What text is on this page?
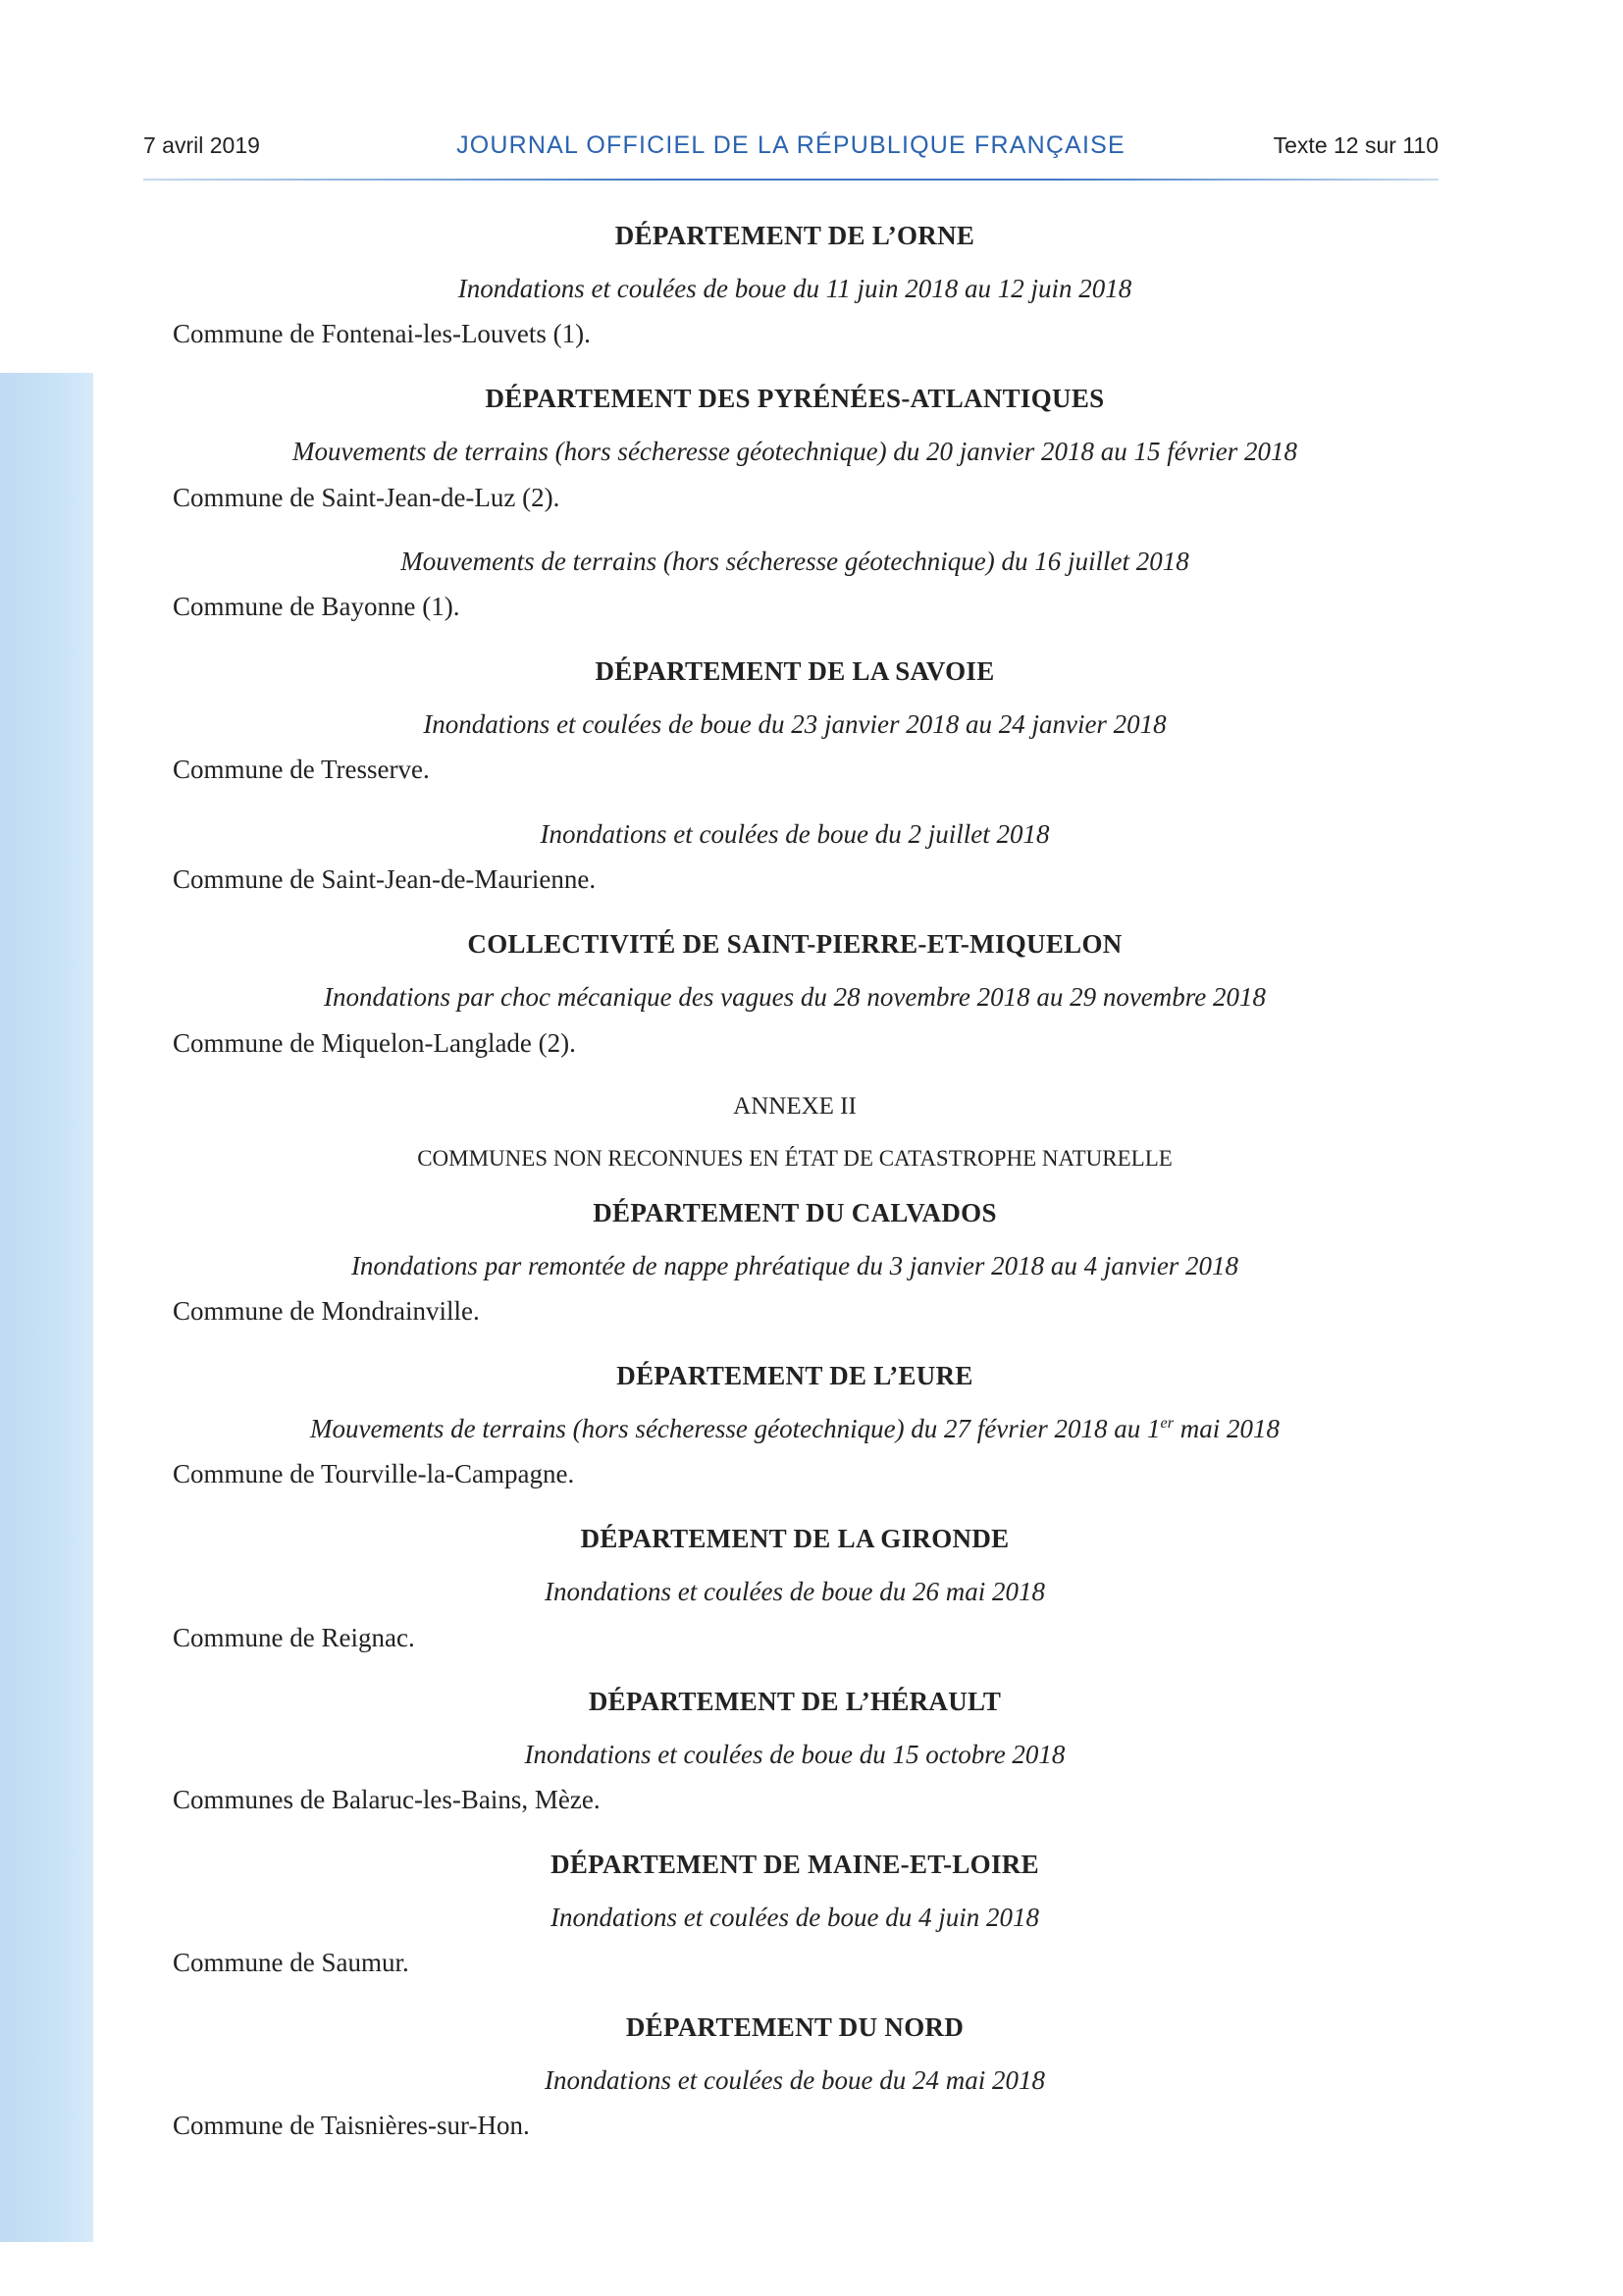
7 avril 2019	JOURNAL OFFICIEL DE LA RÉPUBLIQUE FRANÇAISE	Texte 12 sur 110
DÉPARTEMENT DE L’ORNE
Inondations et coulées de boue du 11 juin 2018 au 12 juin 2018
Commune de Fontenai-les-Louvets (1).
DÉPARTEMENT DES PYRÉNÉES-ATLANTIQUES
Mouvements de terrains (hors sécheresse géotechnique) du 20 janvier 2018 au 15 février 2018
Commune de Saint-Jean-de-Luz (2).
Mouvements de terrains (hors sécheresse géotechnique) du 16 juillet 2018
Commune de Bayonne (1).
DÉPARTEMENT DE LA SAVOIE
Inondations et coulées de boue du 23 janvier 2018 au 24 janvier 2018
Commune de Tresserve.
Inondations et coulées de boue du 2 juillet 2018
Commune de Saint-Jean-de-Maurienne.
COLLECTIVITÉ DE SAINT-PIERRE-ET-MIQUELON
Inondations par choc mécanique des vagues du 28 novembre 2018 au 29 novembre 2018
Commune de Miquelon-Langlade (2).
ANNEXE II
COMMUNES NON RECONNUES EN ÉTAT DE CATASTROPHE NATURELLE
DÉPARTEMENT DU CALVADOS
Inondations par remontée de nappe phréatique du 3 janvier 2018 au 4 janvier 2018
Commune de Mondrainville.
DÉPARTEMENT DE L’EURE
Mouvements de terrains (hors sécheresse géotechnique) du 27 février 2018 au 1er mai 2018
Commune de Tourville-la-Campagne.
DÉPARTEMENT DE LA GIRONDE
Inondations et coulées de boue du 26 mai 2018
Commune de Reignac.
DÉPARTEMENT DE L’HÉRAULT
Inondations et coulées de boue du 15 octobre 2018
Communes de Balaruc-les-Bains, Mèze.
DÉPARTEMENT DE MAINE-ET-LOIRE
Inondations et coulées de boue du 4 juin 2018
Commune de Saumur.
DÉPARTEMENT DU NORD
Inondations et coulées de boue du 24 mai 2018
Commune de Taisnières-sur-Hon.
